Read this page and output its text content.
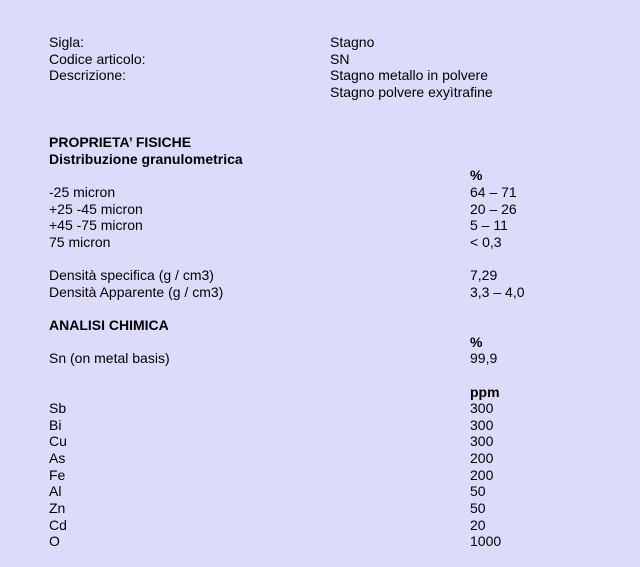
Sigla:	Stagno
Codice articolo:	SN
Descrizione:	Stagno metallo in polvere
Stagno polvere exyìtrafine
PROPRIETA’ FISICHE
Distribuzione granulometrica
%
-25 micron	64 – 71
+25 -45 micron	20 – 26
+45 -75 micron	5 – 11
75 micron	< 0,3
Densità specifica (g / cm3)	7,29
Densità Apparente (g / cm3)	3,3 – 4,0
ANALISI CHIMICA
%
Sn (on metal basis)	99,9
ppm
Sb	300
Bi	300
Cu	300
As	200
Fe	200
Al	50
Zn	50
Cd	20
O	1000
